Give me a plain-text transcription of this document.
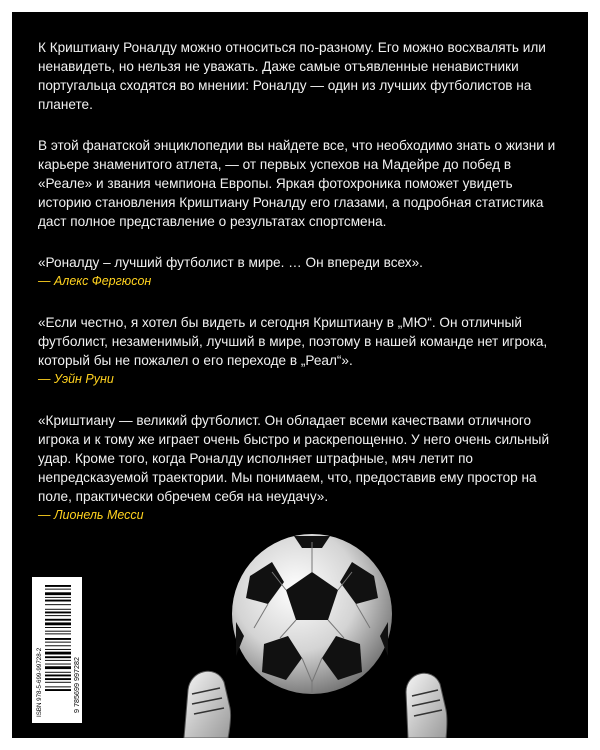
К Криштиану Роналду можно относиться по-разному. Его можно восхвалять или ненавидеть, но нельзя не уважать. Даже самые отъявленные ненавистники португальца сходятся во мнении: Роналду — один из лучших футболистов на планете.

В этой фанатской энциклопедии вы найдете все, что необходимо знать о жизни и карьере знаменитого атлета, — от первых успехов на Мадейре до побед в «Реале» и звания чемпиона Европы. Яркая фотохроника поможет увидеть историю становления Криштиану Роналду его глазами, а подробная статистика даст полное представление о результатах спортсмена.

«Роналду – лучший футболист в мире. … Он впереди всех».

— Алекс Фергюсон

«Если честно, я хотел бы видеть и сегодня Криштиану в „МЮ“. Он отличный футболист, незаменимый, лучший в мире, поэтому в нашей команде нет игрока, который бы не пожалел о его переходе в „Реал“».

— Уэйн Руни

«Криштиану — великий футболист. Он обладает всеми качествами отличного игрока и к тому же играет очень быстро и раскрепощенно. У него очень сильный удар. Кроме того, когда Роналду исполняет штрафные, мяч летит по непредсказуемой траектории. Мы понимаем, что, предоставив ему простор на поле, практически обречем себя на неудачу».

— Лионель Месси

ISBN 978-5-699-99728-2	9 785699 997282
